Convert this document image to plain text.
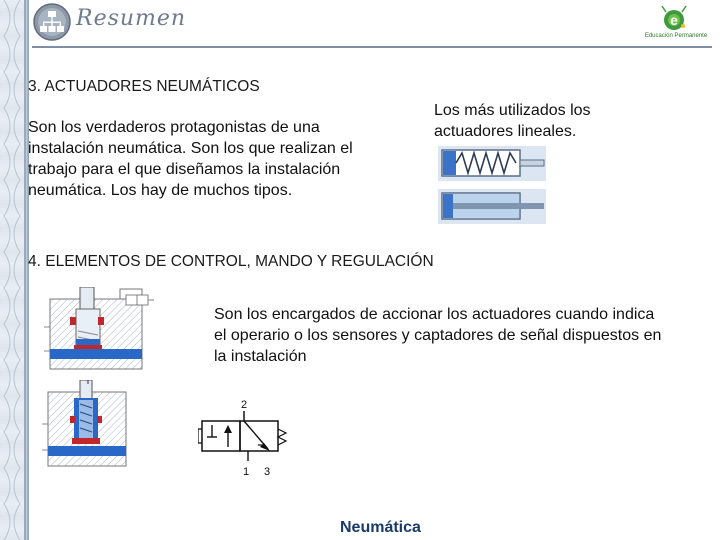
Resumen	e
Educación Permanente
3. ACTUADORES NEUMÁTICOS
Son los verdaderos protagonistas de una instalación neumática. Son los que realizan el trabajo para el que diseñamos la instalación neumática. Los hay de muchos tipos.
Los más utilizados los actuadores lineales.
4. ELEMENTOS DE CONTROL, MANDO Y REGULACIÓN
Son los encargados de accionar los actuadores cuando indica el operario o los sensores y captadores de señal dispuestos en la instalación
2
1 3
Neumática
